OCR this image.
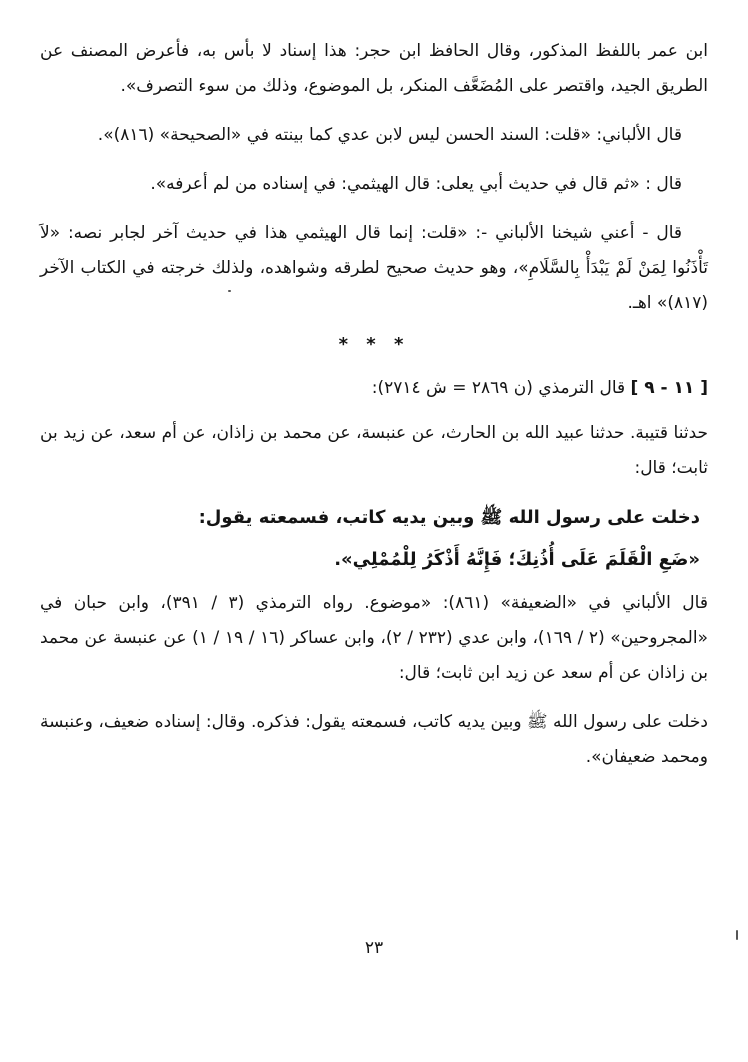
ابن عمر باللفظ المذكور، وقال الحافظ ابن حجر: هذا إسناد لا بأس به، فأعرض المصنف عن الطريق الجيد، واقتصر على المُضَعَّف المنكر، بل الموضوع، وذلك من سوء التصرف».

قال الألباني: «قلت: السند الحسن ليس لابن عدي كما بينته في «الصحيحة» (٨١٦)».

قال : «ثم قال في حديث أبي يعلى: قال الهيثمي: في إسناده من لم أعرفه».

قال - أعني شيخنا الألباني -: «قلت: إنما قال الهيثمي هذا في حديث آخر لجابر نصه: «لاَ تَأْذَنُوا لِمَنْ لَمْ يَبْدَأْ بِالسَّلَامِ»، وهو حديث صحيح لطرقه وشواهده، ولذلك خرجته في الكتاب الآخر (٨١٧)» اهـ.

* * *
[ ١١ - ٩ ] قال الترمذي (ن ٢٨٦٩ = ش ٢٧١٤):

حدثنا قتيبة. حدثنا عبيد الله بن الحارث، عن عنبسة، عن محمد بن زاذان، عن أم سعد، عن زيد بن ثابت؛ قال:

دخلت على رسول الله ﷺ وبين يديه كاتب، فسمعته يقول:
«ضَعِ الْقَلَمَ عَلَى أُذُنِكَ؛ فَإِنَّهُ أَذْكَرُ لِلْمُمْلِي».

قال الألباني في «الضعيفة» (٨٦١): «موضوع. رواه الترمذي (٣ / ٣٩١)، وابن حبان في «المجروحين» (٢ / ١٦٩)، وابن عدي (٢٣٢ / ٢)، وابن عساكر (١٦ / ١٩ / ١) عن عنبسة عن محمد بن زاذان عن أم سعد عن زيد ابن ثابت؛ قال:

دخلت على رسول الله ﷺ وبين يديه كاتب، فسمعته يقول: فذكره. وقال: إسناده ضعيف، وعنبسة ومحمد ضعيفان».

٢٣
